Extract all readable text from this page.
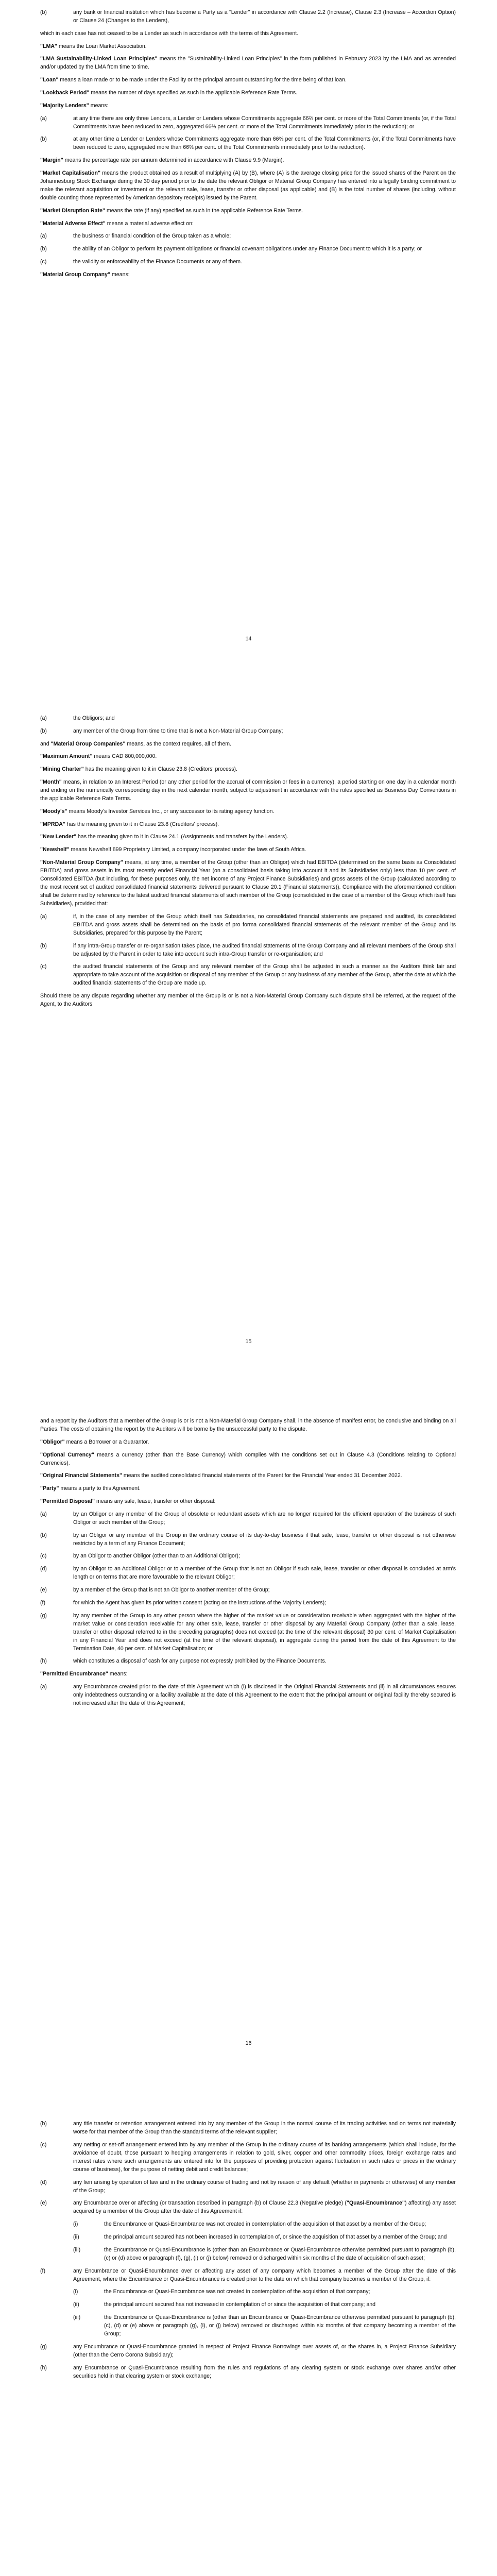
(b)	any bank or financial institution which has become a Party as a "Lender" in accordance with Clause 2.2 (Increase), Clause 2.3 (Increase – Accordion Option) or Clause 24 (Changes to the Lenders),

which in each case has not ceased to be a Lender as such in accordance with the terms of this Agreement.

"LMA" means the Loan Market Association.

"LMA Sustainability-Linked Loan Principles" means the "Sustainability-Linked Loan Principles" in the form published in February 2023 by the LMA and as amended and/or updated by the LMA from time to time.

"Loan" means a loan made or to be made under the Facility or the principal amount outstanding for the time being of that loan.

"Lookback Period" means the number of days specified as such in the applicable Reference Rate Terms.

"Majority Lenders" means:

(a)	at any time there are only three Lenders, a Lender or Lenders whose Commitments aggregate 66⅔ per cent. or more of the Total Commitments (or, if the Total Commitments have been reduced to zero, aggregated 66⅔ per cent. or more of the Total Commitments immediately prior to the reduction); or
(b)	at any other time a Lender or Lenders whose Commitments aggregate more than 66⅔ per cent. of the Total Commitments (or, if the Total Commitments have been reduced to zero, aggregated more than 66⅔ per cent. of the Total Commitments immediately prior to the reduction).

"Margin" means the percentage rate per annum determined in accordance with Clause 9.9 (Margin).

"Market Capitalisation" means the product obtained as a result of multiplying (A) by (B), where (A) is the average closing price for the issued shares of the Parent on the Johannesburg Stock Exchange during the 30 day period prior to the date the relevant Obligor or Material Group Company has entered into a legally binding commitment to make the relevant acquisition or investment or the relevant sale, lease, transfer or other disposal (as applicable) and (B) is the total number of shares (including, without double counting those represented by American depository receipts) issued by the Parent.

"Market Disruption Rate" means the rate (if any) specified as such in the applicable Reference Rate Terms.

"Material Adverse Effect" means a material adverse effect on:

(a)	the business or financial condition of the Group taken as a whole;
(b)	the ability of an Obligor to perform its payment obligations or financial covenant obligations under any Finance Document to which it is a party; or
(c)	the validity or enforceability of the Finance Documents or any of them.

"Material Group Company" means:

14
(a)	the Obligors; and
(b)	any member of the Group from time to time that is not a Non-Material Group Company;

and "Material Group Companies" means, as the context requires, all of them.

"Maximum Amount" means CAD 800,000,000.

"Mining Charter" has the meaning given to it in Clause 23.8 (Creditors' process).

"Month" means, in relation to an Interest Period (or any other period for the accrual of commission or fees in a currency), a period starting on one day in a calendar month and ending on the numerically corresponding day in the next calendar month, subject to adjustment in accordance with the rules specified as Business Day Conventions in the applicable Reference Rate Terms.

"Moody's" means Moody's Investor Services Inc., or any successor to its rating agency function.

"MPRDA" has the meaning given to it in Clause 23.8 (Creditors' process).

"New Lender" has the meaning given to it in Clause 24.1 (Assignments and transfers by the Lenders).

"Newshelf" means Newshelf 899 Proprietary Limited, a company incorporated under the laws of South Africa.

"Non-Material Group Company" means, at any time, a member of the Group (other than an Obligor) which had EBITDA (determined on the same basis as Consolidated EBITDA) and gross assets in its most recently ended Financial Year (on a consolidated basis taking into account it and its Subsidiaries only) less than 10 per cent. of Consolidated EBITDA (but including, for these purposes only, the net income of any Project Finance Subsidiaries) and gross assets of the Group (calculated according to the most recent set of audited consolidated financial statements delivered pursuant to Clause 20.1 (Financial statements)). Compliance with the aforementioned condition shall be determined by reference to the latest audited financial statements of such member of the Group (consolidated in the case of a member of the Group which itself has Subsidiaries), provided that:

(a)	if, in the case of any member of the Group which itself has Subsidiaries, no consolidated financial statements are prepared and audited, its consolidated EBITDA and gross assets shall be determined on the basis of pro forma consolidated financial statements of the relevant member of the Group and its Subsidiaries, prepared for this purpose by the Parent;
(b)	if any intra-Group transfer or re-organisation takes place, the audited financial statements of the Group Company and all relevant members of the Group shall be adjusted by the Parent in order to take into account such intra-Group transfer or re-organisation; and
(c)	the audited financial statements of the Group and any relevant member of the Group shall be adjusted in such a manner as the Auditors think fair and appropriate to take account of the acquisition or disposal of any member of the Group or any business of any member of the Group, after the date at which the audited financial statements of the Group are made up.

Should there be any dispute regarding whether any member of the Group is or is not a Non-Material Group Company such dispute shall be referred, at the request of the Agent, to the Auditors

15

and a report by the Auditors that a member of the Group is or is not a Non-Material Group Company shall, in the absence of manifest error, be conclusive and binding on all Parties. The costs of obtaining the report by the Auditors will be borne by the unsuccessful party to the dispute.

"Obligor" means a Borrower or a Guarantor.

"Optional Currency" means a currency (other than the Base Currency) which complies with the conditions set out in Clause 4.3 (Conditions relating to Optional Currencies).

"Original Financial Statements" means the audited consolidated financial statements of the Parent for the Financial Year ended 31 December 2022.

"Party" means a party to this Agreement.

"Permitted Disposal" means any sale, lease, transfer or other disposal:

(a)	by an Obligor or any member of the Group of obsolete or redundant assets which are no longer required for the efficient operation of the business of such Obligor or such member of the Group;
(b)	by an Obligor or any member of the Group in the ordinary course of its day-to-day business if that sale, lease, transfer or other disposal is not otherwise restricted by a term of any Finance Document;
(c)	by an Obligor to another Obligor (other than to an Additional Obligor);
(d)	by an Obligor to an Additional Obligor or to a member of the Group that is not an Obligor if such sale, lease, transfer or other disposal is concluded at arm's length or on terms that are more favourable to the relevant Obligor;
(e)	by a member of the Group that is not an Obligor to another member of the Group;
(f)	for which the Agent has given its prior written consent (acting on the instructions of the Majority Lenders);
(g)	by any member of the Group to any other person where the higher of the market value or consideration receivable when aggregated with the higher of the market value or consideration receivable for any other sale, lease, transfer or other disposal by any Material Group Company (other than a sale, lease, transfer or other disposal referred to in the preceding paragraphs) does not exceed (at the time of the relevant disposal) 30 per cent. of Market Capitalisation in any Financial Year and does not exceed (at the time of the relevant disposal), in aggregate during the period from the date of this Agreement to the Termination Date, 40 per cent. of Market Capitalisation; or
(h)	which constitutes a disposal of cash for any purpose not expressly prohibited by the Finance Documents.

"Permitted Encumbrance" means:

(a)	any Encumbrance created prior to the date of this Agreement which (i) is disclosed in the Original Financial Statements and (ii) in all circumstances secures only indebtedness outstanding or a facility available at the date of this Agreement to the extent that the principal amount or original facility thereby secured is not increased after the date of this Agreement;
16
(b)	any title transfer or retention arrangement entered into by any member of the Group in the normal course of its trading activities and on terms not materially worse for that member of the Group than the standard terms of the relevant supplier;
(c)	any netting or set-off arrangement entered into by any member of the Group in the ordinary course of its banking arrangements (which shall include, for the avoidance of doubt, those pursuant to hedging arrangements in relation to gold, silver, copper and other commodity prices, foreign exchange rates and interest rates where such arrangements are entered into for the purposes of providing protection against fluctuation in such rates or prices in the ordinary course of business), for the purpose of netting debit and credit balances;
(d)	any lien arising by operation of law and in the ordinary course of trading and not by reason of any default (whether in payments or otherwise) of any member of the Group;
(e)	any Encumbrance over or affecting (or transaction described in paragraph (b) of Clause 22.3 (Negative pledge) ("Quasi-Encumbrance") affecting) any asset acquired by a member of the Group after the date of this Agreement if:
(i)	the Encumbrance or Quasi-Encumbrance was not created in contemplation of the acquisition of that asset by a member of the Group;
(ii)	the principal amount secured has not been increased in contemplation of, or since the acquisition of that asset by a member of the Group; and
(iii)	the Encumbrance or Quasi-Encumbrance is (other than an Encumbrance or Quasi-Encumbrance otherwise permitted pursuant to paragraph (b), (c) or (d) above or paragraph (f), (g), (i) or (j) below) removed or discharged within six months of the date of acquisition of such asset;
(f)	any Encumbrance or Quasi-Encumbrance over or affecting any asset of any company which becomes a member of the Group after the date of this Agreement, where the Encumbrance or Quasi-Encumbrance is created prior to the date on which that company becomes a member of the Group, if:
(i)	the Encumbrance or Quasi-Encumbrance was not created in contemplation of the acquisition of that company;
(ii)	the principal amount secured has not increased in contemplation of or since the acquisition of that company; and
(iii)	the Encumbrance or Quasi-Encumbrance is (other than an Encumbrance or Quasi-Encumbrance otherwise permitted pursuant to paragraph (b), (c), (d) or (e) above or paragraph (g), (i), or (j) below) removed or discharged within six months of that company becoming a member of the Group;
(g)	any Encumbrance or Quasi-Encumbrance granted in respect of Project Finance Borrowings over assets of, or the shares in, a Project Finance Subsidiary (other than the Cerro Corona Subsidiary);
(h)	any Encumbrance or Quasi-Encumbrance resulting from the rules and regulations of any clearing system or stock exchange over shares and/or other securities held in that clearing system or stock exchange;
